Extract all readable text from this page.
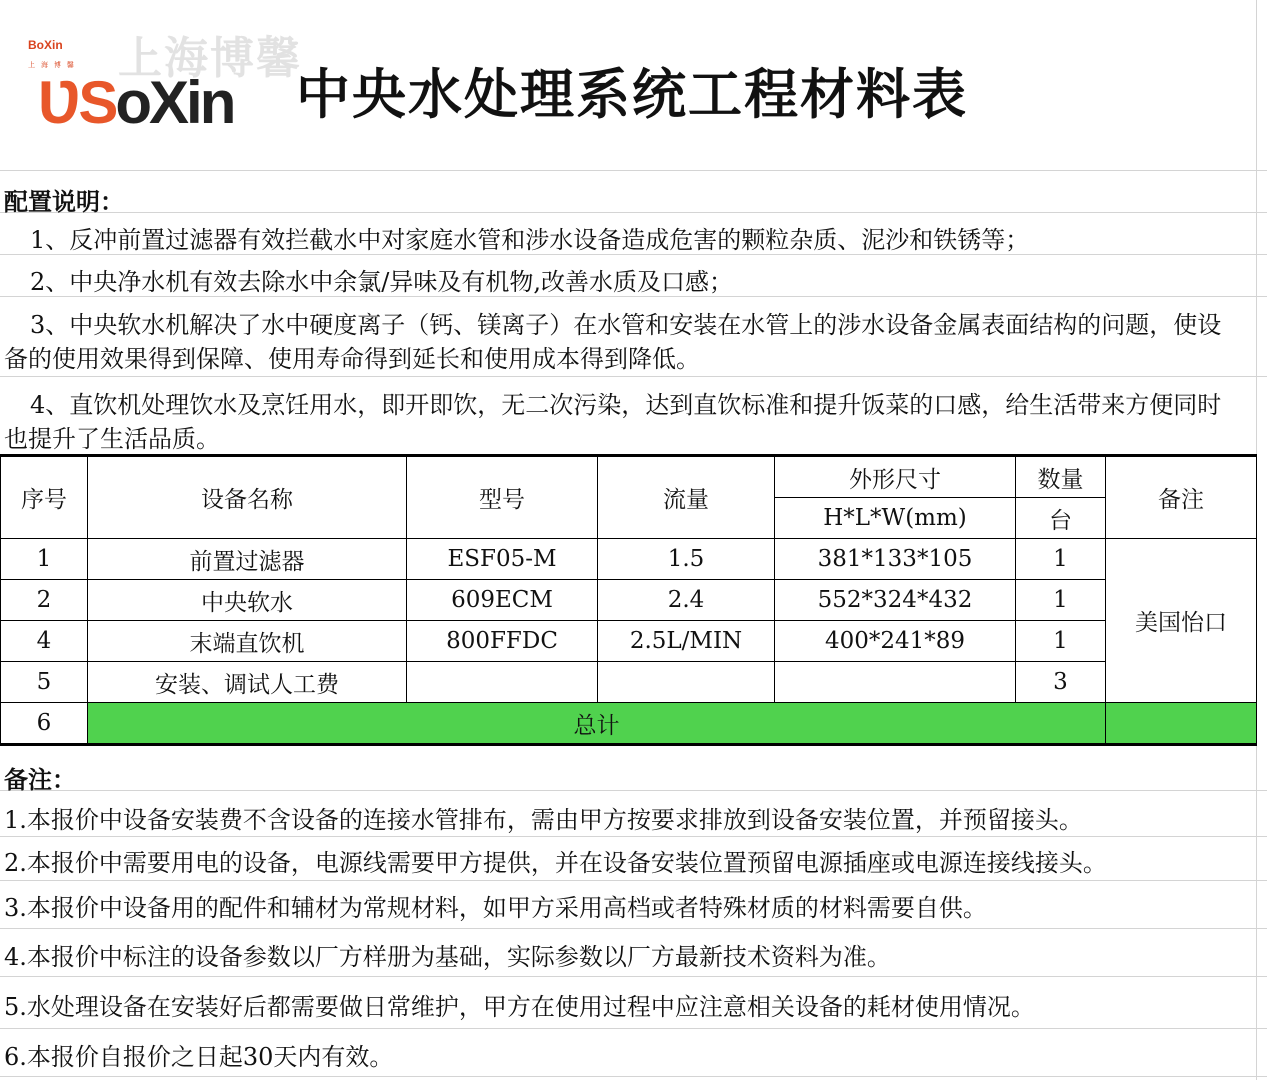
BoXin
上 海 博 馨
ƲSoXin
上海博馨
中央水处理系统工程材料表
配置说明：
1、反冲前置过滤器有效拦截水中对家庭水管和涉水设备造成危害的颗粒杂质、泥沙和铁锈等；
2、中央净水机有效去除水中余氯/异味及有机物,改善水质及口感；
3、中央软水机解决了水中硬度离子（钙、镁离子）在水管和安装在水管上的涉水设备金属表面结构的问题，使设备的使用效果得到保障、使用寿命得到延长和使用成本得到降低。
4、直饮机处理饮水及烹饪用水，即开即饮，无二次污染，达到直饮标准和提升饭菜的口感，给生活带来方便同时也提升了生活品质。
序号	设备名称	型号	流量	外形尺寸	数量	备注
				H*L*W(mm)	台	
1	前置过滤器	ESF05-M	1.5	381*133*105	1	美国怡口
2	中央软水	609ECM	2.4	552*324*432	1	
4	末端直饮机	800FFDC	2.5L/MIN	400*241*89	1	
5	安装、调试人工费				3	
6	总计					
备注：
1.本报价中设备安装费不含设备的连接水管排布，需由甲方按要求排放到设备安装位置，并预留接头。
2.本报价中需要用电的设备，电源线需要甲方提供，并在设备安装位置预留电源插座或电源连接线接头。
3.本报价中设备用的配件和辅材为常规材料，如甲方采用高档或者特殊材质的材料需要自供。
4.本报价中标注的设备参数以厂方样册为基础，实际参数以厂方最新技术资料为准。
5.水处理设备在安装好后都需要做日常维护，甲方在使用过程中应注意相关设备的耗材使用情况。
6.本报价自报价之日起30天内有效。
